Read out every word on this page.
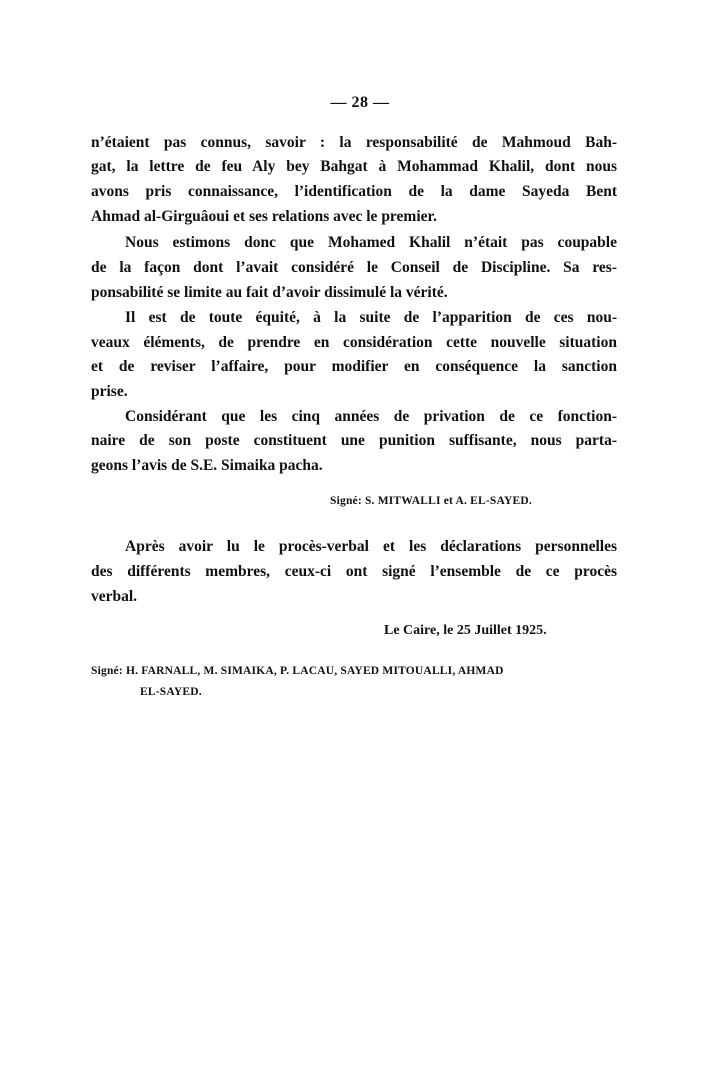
— 28 —
n’étaient pas connus, savoir : la responsabilité de Mahmoud Bah-
gat, la lettre de feu Aly bey Bahgat à Mohammad Khalil, dont nous
avons pris connaissance, l’identification de la dame Sayeda Bent
Ahmad al-Girguâoui et ses relations avec le premier.
Nous estimons donc que Mohamed Khalil n’était pas coupable
de la façon dont l’avait considéré le Conseil de Discipline. Sa res-
ponsabilité se limite au fait d’avoir dissimulé la vérité.
Il est de toute équité, à la suite de l’apparition de ces nou-
veaux éléments, de prendre en considération cette nouvelle situation
et de reviser l’affaire, pour modifier en conséquence la sanction
prise.
Considérant que les cinq années de privation de ce fonction-
naire de son poste constituent une punition suffisante, nous parta-
geons l’avis de S.E. Simaika pacha.
Signé: S. MITWALLI et A. EL-SAYED.
Après avoir lu le procès-verbal et les déclarations personnelles
des différents membres, ceux-ci ont signé l’ensemble de ce procès
verbal.
Le Caire, le 25 Juillet 1925.
Signé: H. FARNALL, M. SIMAIKA, P. LACAU, SAYED MITOUALLI, AHMAD
EL-SAYED.
